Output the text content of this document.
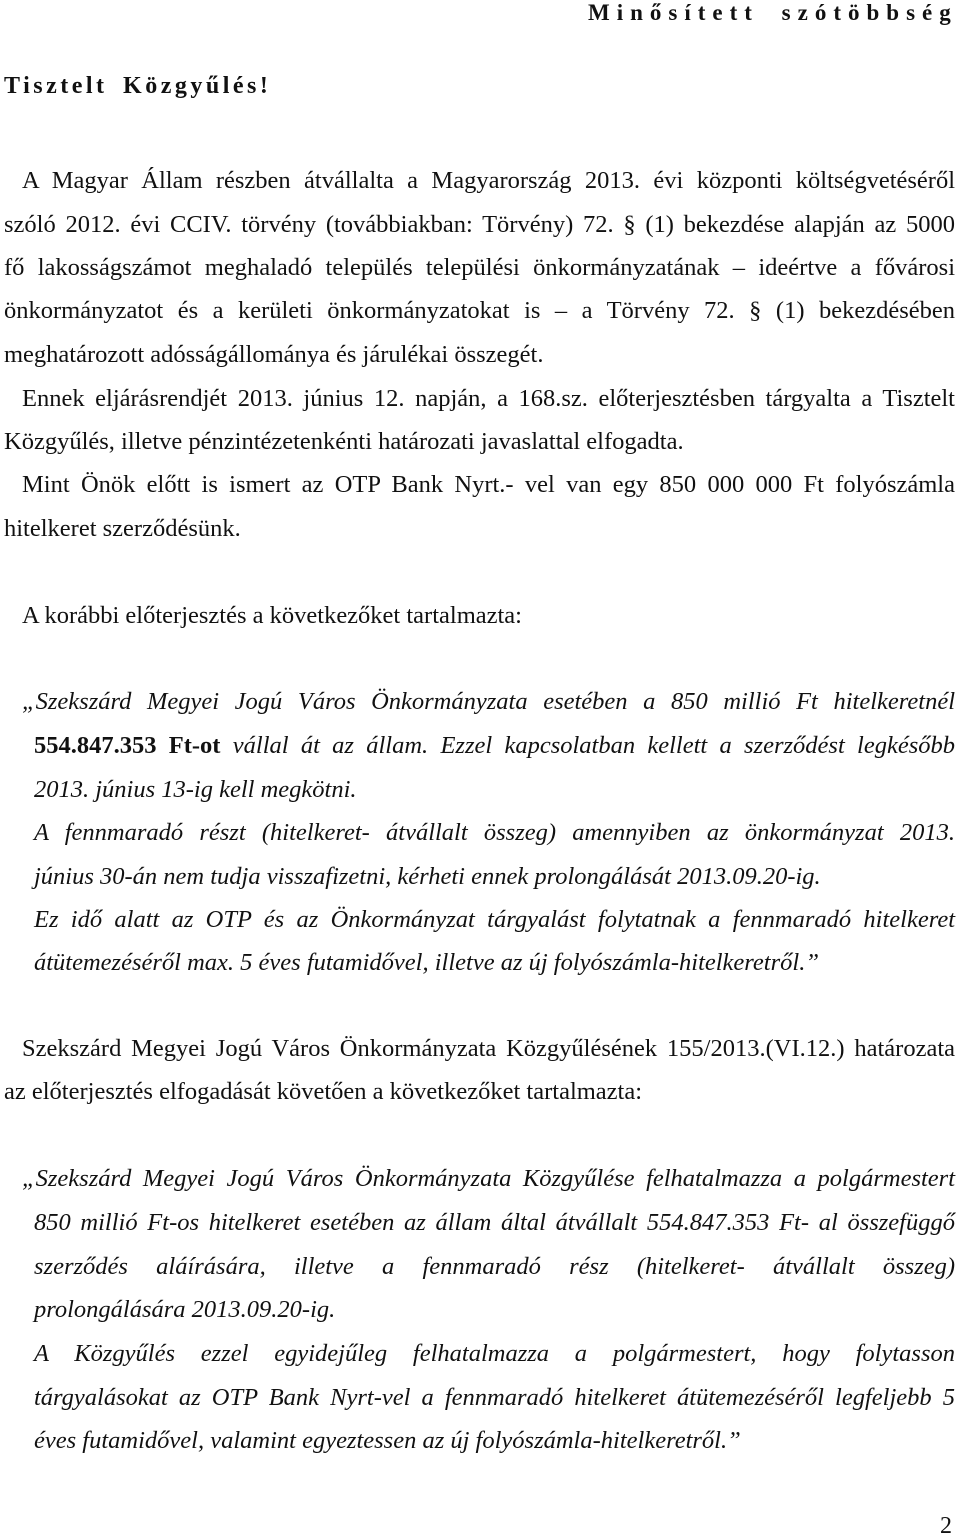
Minősített szótöbbség
Tisztelt Közgyűlés!
A Magyar Állam részben átvállalta a Magyarország 2013. évi központi költségvetéséről
szóló 2012. évi CCIV. törvény (továbbiakban: Törvény) 72. § (1) bekezdése alapján az 5000
fő lakosságszámot meghaladó település települési önkormányzatának – ideértve a fővárosi
önkormányzatot és a kerületi önkormányzatokat is – a Törvény 72. § (1) bekezdésében
meghatározott adósságállománya és járulékai összegét.
Ennek eljárásrendjét 2013. június 12. napján, a 168.sz. előterjesztésben tárgyalta a Tisztelt
Közgyűlés, illetve pénzintézetenkénti határozati javaslattal elfogadta.
Mint Önök előtt is ismert az OTP Bank Nyrt.- vel van egy 850 000 000 Ft folyószámla
hitelkeret szerződésünk.
A korábbi előterjesztés a következőket tartalmazta:
„Szekszárd Megyei Jogú Város Önkormányzata esetében a 850 millió Ft hitelkeretnél
554.847.353 Ft-ot vállal át az állam. Ezzel kapcsolatban kellett a szerződést legkésőbb
2013. június 13-ig kell megkötni.
A fennmaradó részt (hitelkeret- átvállalt összeg) amennyiben az önkormányzat 2013.
június 30-án nem tudja visszafizetni, kérheti ennek prolongálását 2013.09.20-ig.
Ez idő alatt az OTP és az Önkormányzat tárgyalást folytatnak a fennmaradó hitelkeret
átütemezéséről max. 5 éves futamidővel, illetve az új folyószámla-hitelkeretről.”
Szekszárd Megyei Jogú Város Önkormányzata Közgyűlésének 155/2013.(VI.12.) határozata
az előterjesztés elfogadását követően a következőket tartalmazta:
„Szekszárd Megyei Jogú Város Önkormányzata Közgyűlése felhatalmazza a polgármestert
850 millió Ft-os hitelkeret esetében az állam által átvállalt 554.847.353 Ft- al összefüggő
szerződés aláírására, illetve a fennmaradó rész (hitelkeret- átvállalt összeg)
prolongálására 2013.09.20-ig.
A Közgyűlés ezzel egyidejűleg felhatalmazza a polgármestert, hogy folytasson
tárgyalásokat az OTP Bank Nyrt-vel a fennmaradó hitelkeret átütemezéséről legfeljebb 5
éves futamidővel, valamint egyeztessen az új folyószámla-hitelkeretről.”
2
